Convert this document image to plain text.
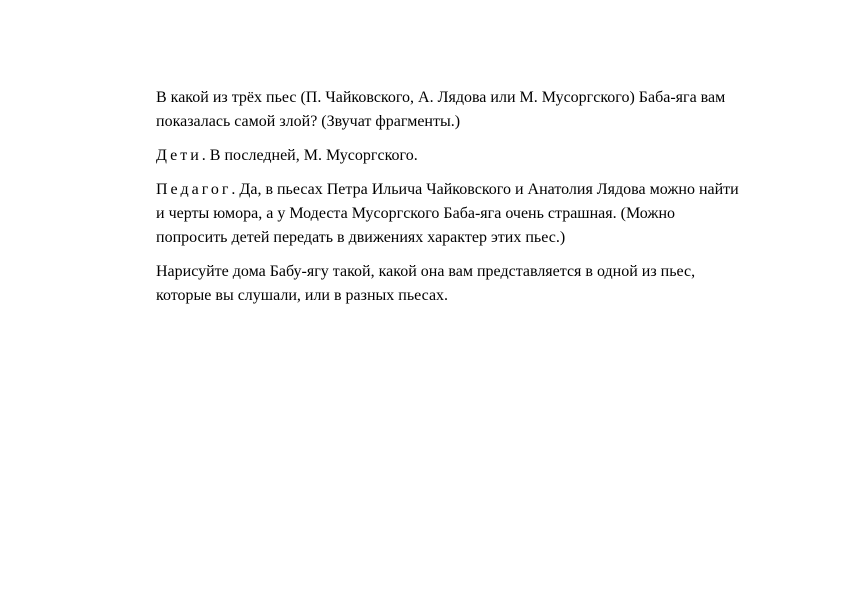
В какой из трёх пьес (П. Чайковского, А. Лядова или М. Мусоргского) Баба-яга вам показалась самой злой? (Звучат фрагменты.)

Дети. В последней, М. Мусоргского.

Педагог. Да, в пьесах Петра Ильича Чайковского и Анатолия Лядова можно найти и черты юмора, а у Модеста Мусоргского Баба-яга очень страшная. (Можно попросить детей передать в движениях характер этих пьес.)

Нарисуйте дома Бабу-ягу такой, какой она вам представляется в одной из пьес, которые вы слушали, или в разных пьесах.
